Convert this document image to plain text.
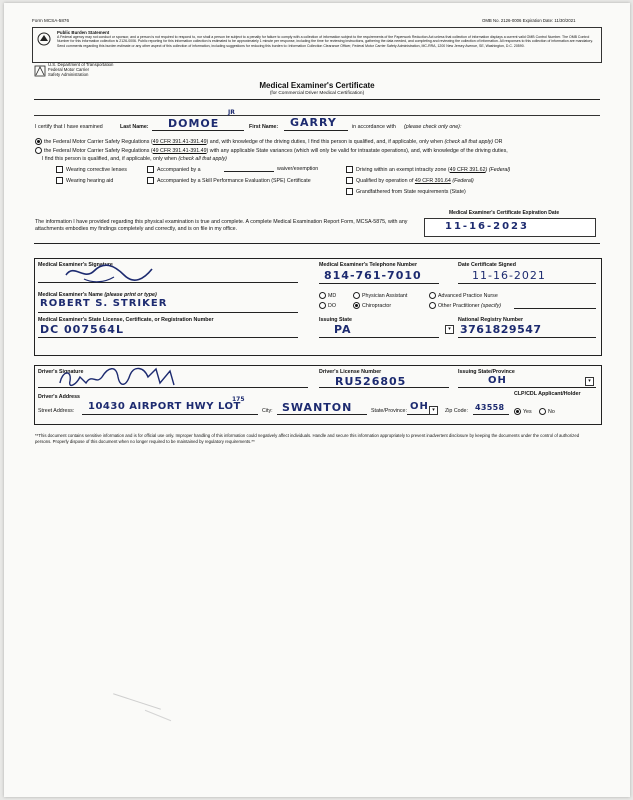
Form MCSA-5876	OMB No. 2126-0006 Expiration Date: 11/30/2021
Public Burden Statement
A Federal agency may not conduct or sponsor, and a person is not required to respond to, nor shall a person be subject to a penalty for failure to comply with a collection of information subject to the requirements of the Paperwork Reduction Act unless that collection of information displays a current valid OMB Control Number. The OMB Control Number for this information collection is 2126-0006. Public reporting for this information collection is estimated to be approximately 1 minute per response, including the time for reviewing instructions, gathering the data needed, and completing and reviewing the collection of information. All responses to this collection of information are mandatory. Send comments regarding this burden estimate or any other aspect of this collection of information, including suggestions for reducing this burden to: Information Collection Clearance Officer, Federal Motor Carrier Safety Administration, MC-RRA, 1200 New Jersey Avenue, SE, Washington, D.C. 20590.
U.S. Department of Transportation
Federal Motor Carrier
Safety Administration
Medical Examiner's Certificate
(for Commercial Driver Medical Certification)
I certify that I have examined	Last Name: DOMOE
JR
First Name: GARRY	in accordance with (please check only one):
the Federal Motor Carrier Safety Regulations (49 CFR 391.41-391.49) and, with knowledge of the driving duties, I find this person is qualified, and, if applicable, only when (check all that apply) OR
the Federal Motor Carrier Safety Regulations (49 CFR 391.41-391.49) with any applicable State variances (which will only be valid for intrastate operations), and, with knowledge of the driving duties,
I find this person is qualified, and, if applicable, only when (check all that apply)
Wearing corrective lenses
Wearing hearing aid
Accompanied by a	waiver/exemption
Accompanied by a Skill Performance Evaluation (SPE) Certificate
Driving within an exempt intracity zone (49 CFR 391.62) (Federal)
Qualified by operation of 49 CFR 391.64 (Federal)
Grandfathered from State requirements (State)
The information I have provided regarding this physical examination is true and complete. A complete Medical Examination Report Form, MCSA-5875, with any attachments embodies my findings completely and correctly, and is on file in my office.
Medical Examiner's Certificate Expiration Date
11-16-2023
Medical Examiner's Signature	Medical Examiner's Telephone Number
814-761-7010
Date Certificate Signed
11-16-2021
Medical Examiner's Name (please print or type)
ROBERT S. STRIKER
MD
DO
Physician Assistant
Chiropractor
Advanced Practice Nurse
Other Practitioner (specify)
Medical Examiner's State License, Certificate, or Registration Number
DC 007564L
Issuing State
PA
National Registry Number
▾ 3761829547
Driver's Signature	Driver's License Number
RU526805
Issuing State/Province
OH	▾
Driver's Address	CLP/CDL Applicant/Holder
Street Address: 10430 AIRPORT HWY LOT
175
City: SWANTON	State/Province: OH ▾	Zip Code: 43558	Yes	No
**This document contains sensitive information and is for official use only. Improper handling of this information could negatively affect individuals. Handle and secure this information appropriately to prevent inadvertent disclosure by keeping the documents under the control of authorized persons. Properly dispose of this document when no longer required to be maintained by regulatory requirements.**
